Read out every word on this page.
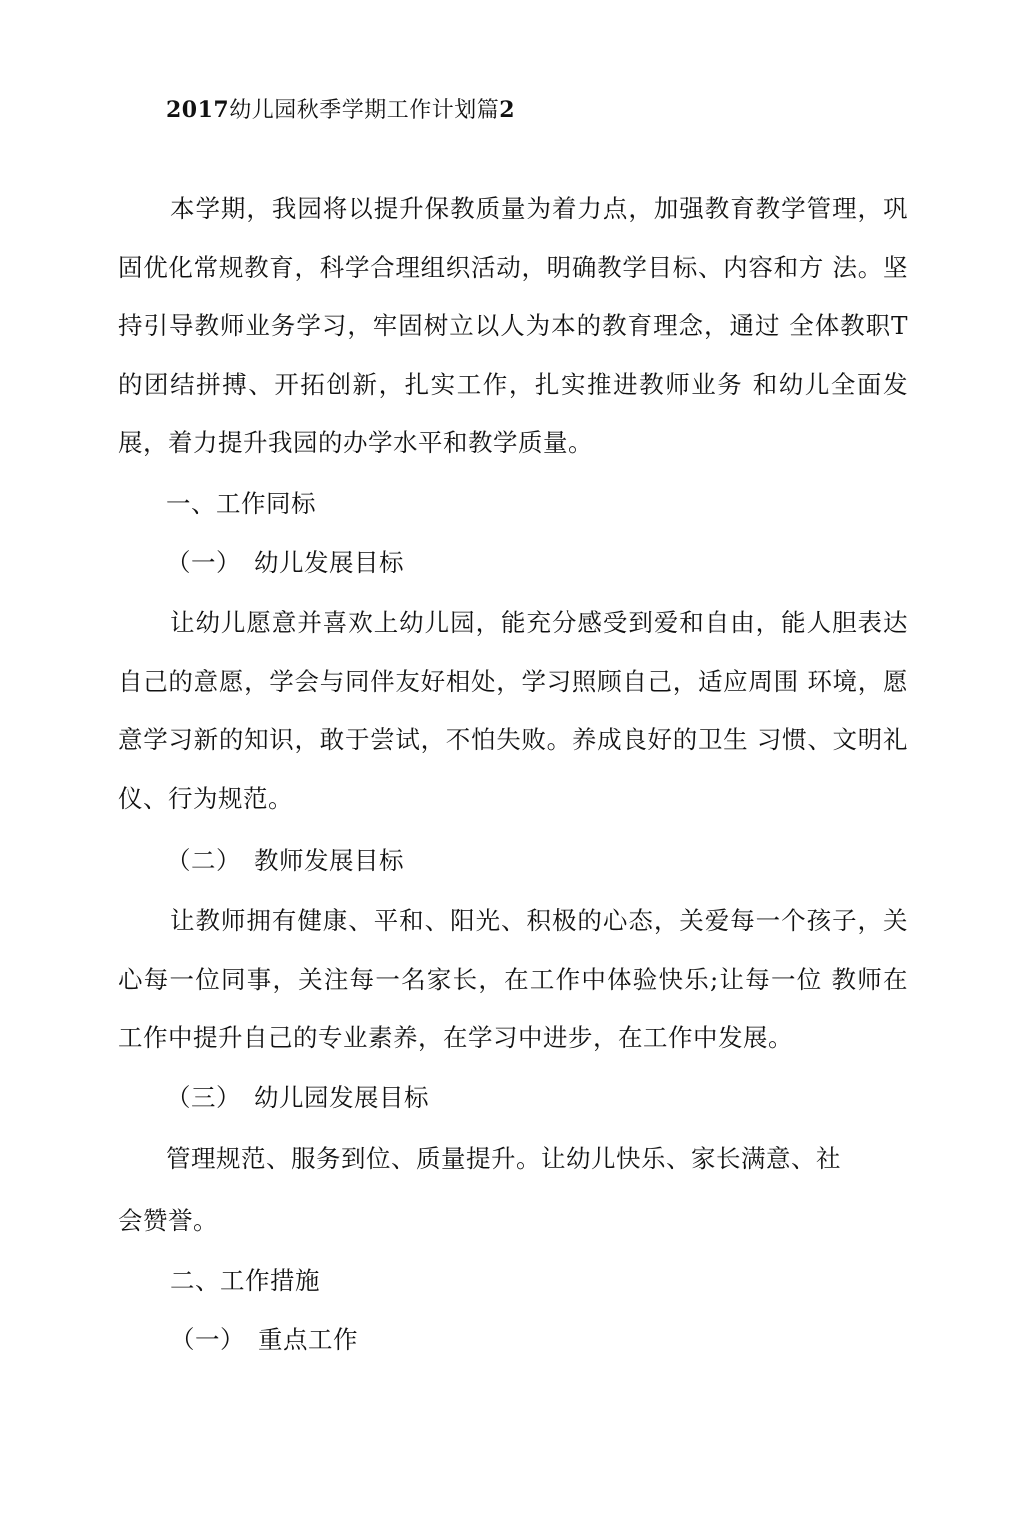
2017幼儿园秋季学期工作计划篇2

本学期，我园将以提升保教质量为着力点，加强教育教学管理，巩固优化常规教育，科学合理组织活动，明确教学目标、内容和方 法。坚持引导教师业务学习，牢固树立以人为本的教育理念，通过 全体教职T的团结拼搏、开拓创新，扎实工作，扎实推进教师业务 和幼儿全面发展，着力提升我园的办学水平和教学质量。

一、工作同标
（一） 幼儿发展目标

让幼儿愿意并喜欢上幼儿园，能充分感受到爱和自由，能人胆表达自己的意愿，学会与同伴友好相处，学习照顾自己，适应周围 环境，愿意学习新的知识，敢于尝试，不怕失败。养成良好的卫生 习惯、文明礼仪、行为规范。

（二） 教师发展目标

让教师拥有健康、平和、阳光、积极的心态，关爱每一个孩子，关心每一位同事，关注每一名家长，在工作中体验快乐;让每一位 教师在工作中提升自己的专业素养，在学习中进步，在工作中发展。

（三） 幼儿园发展目标
管理规范、服务到位、质量提升。让幼儿快乐、家长满意、社
会赞誉。
二、工作措施
（一） 重点工作
